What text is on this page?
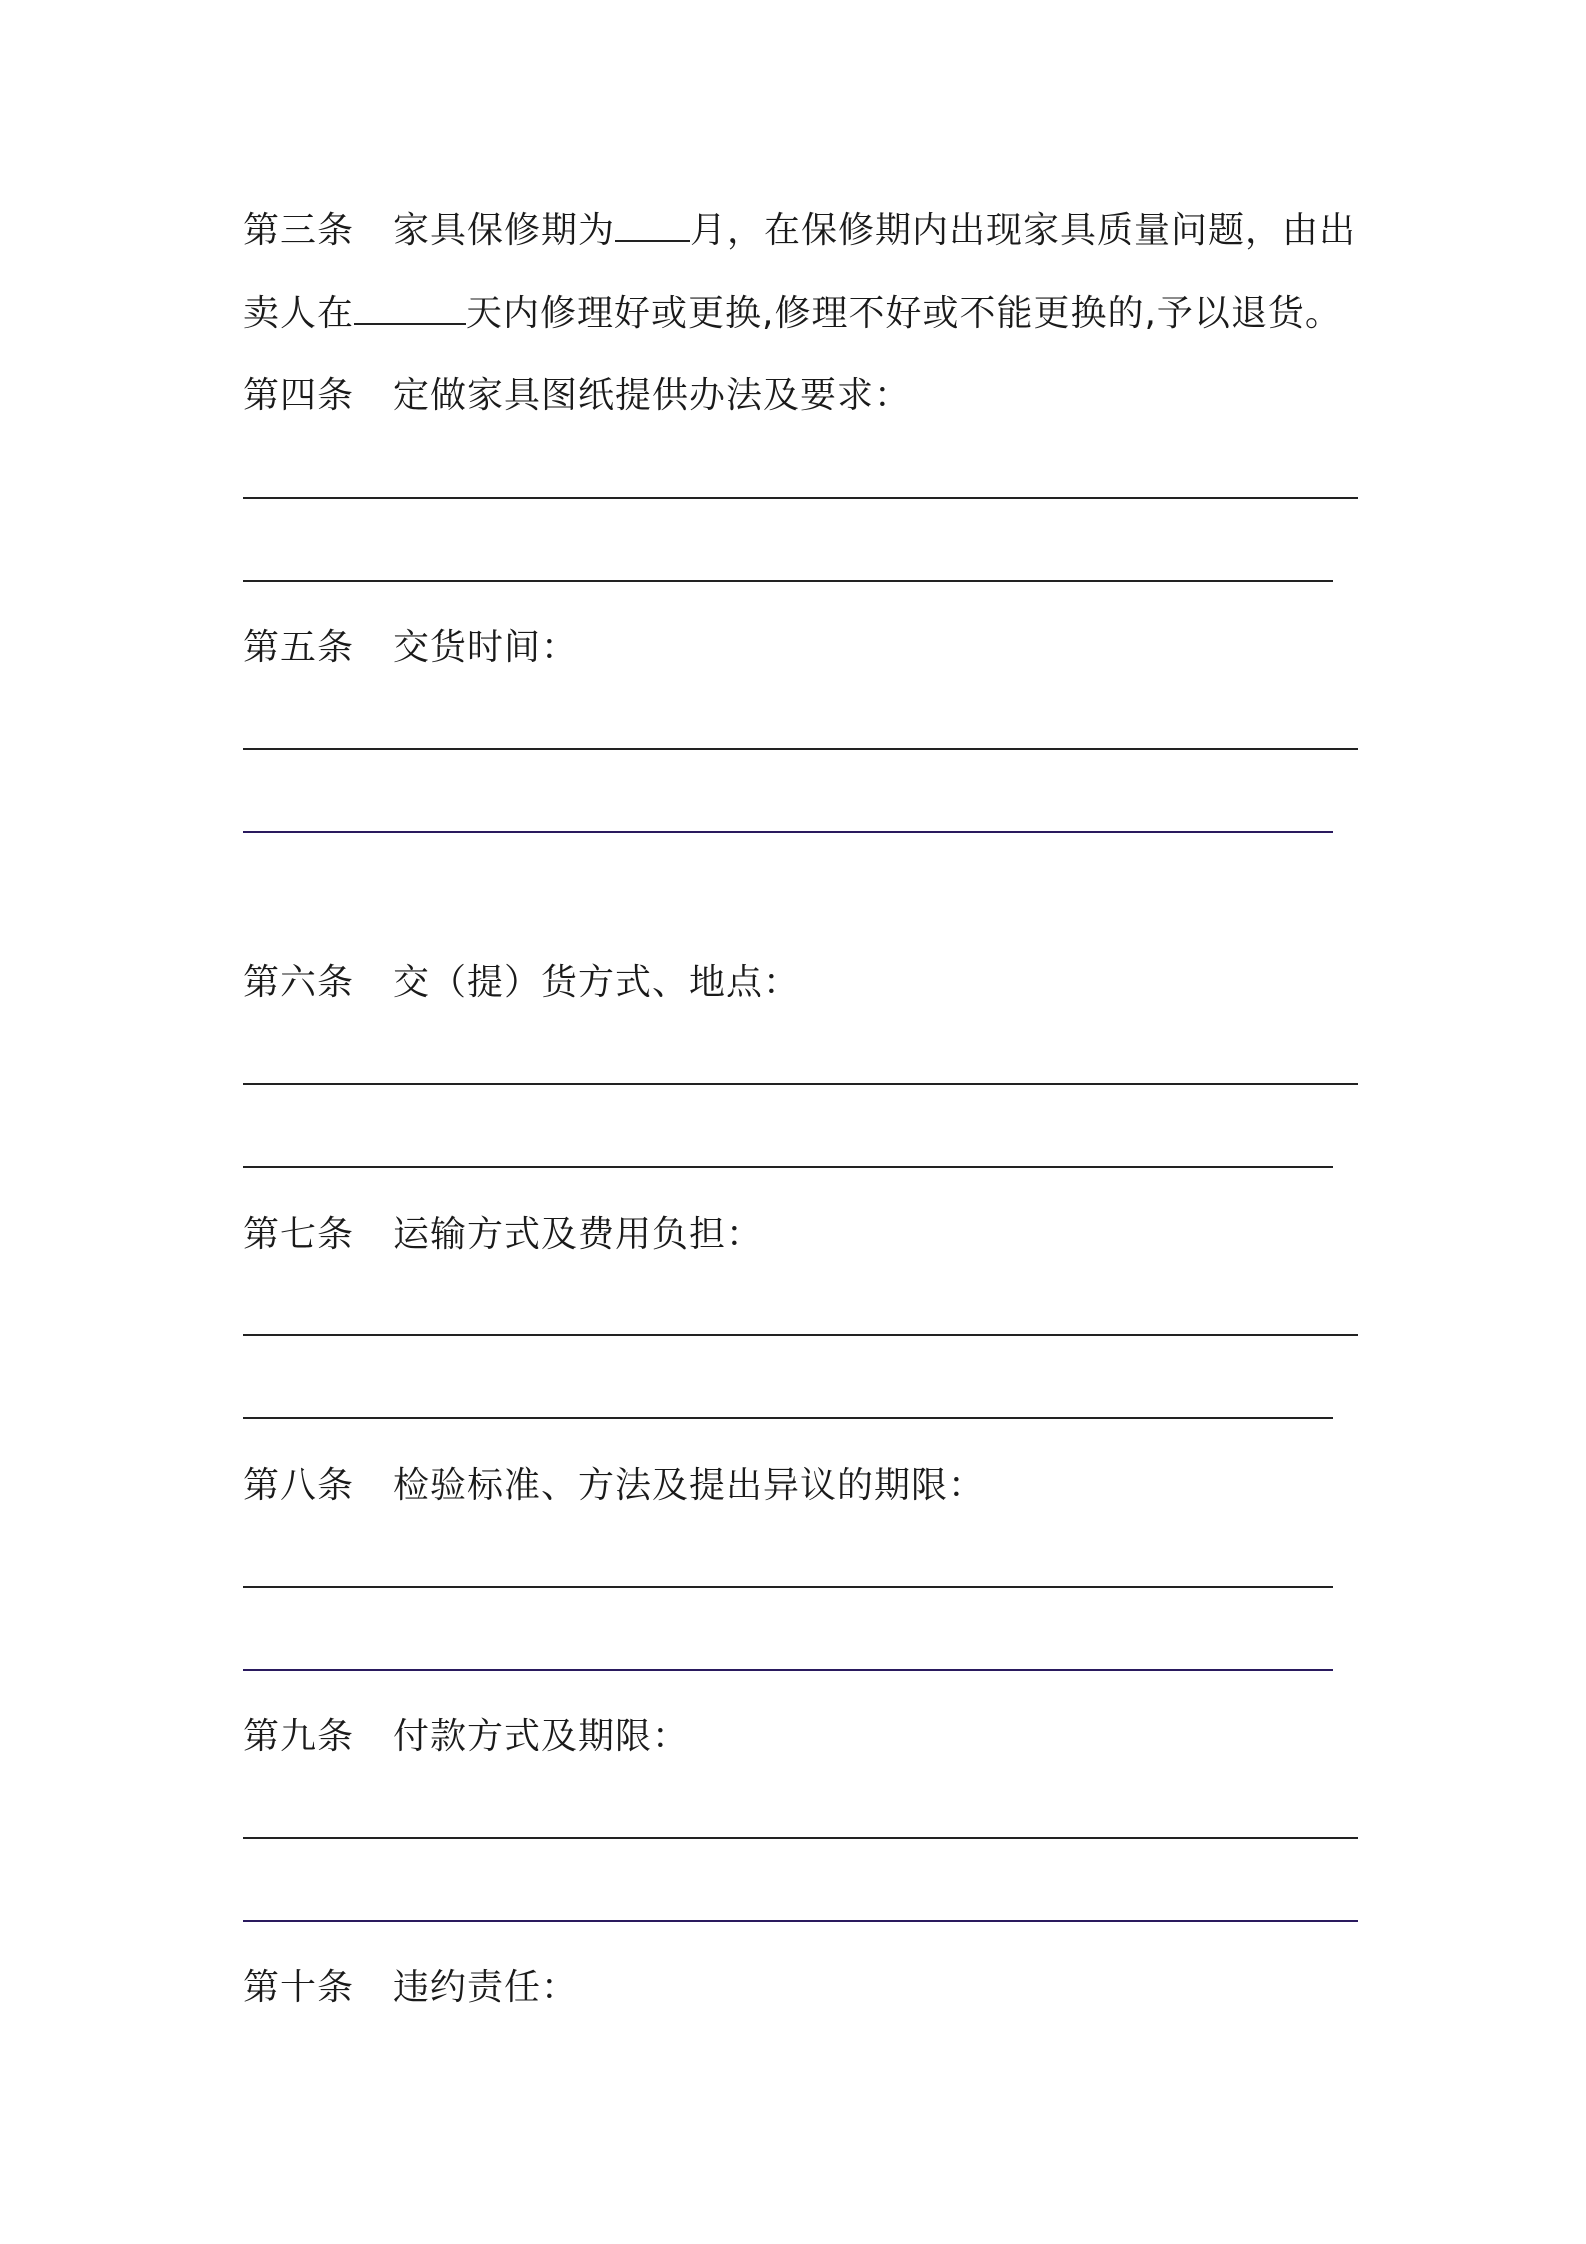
第三条 家具保修期为 月，在保修期内出现家具质量问题，由出
卖人在	天内修理好或更换,修理不好或不能更换的,予以退货。
第四条 定做家具图纸提供办法及要求：
第五条 交货时间：
第六条 交（提）货方式、地点：
第七条 运输方式及费用负担：
第八条 检验标准、方法及提出异议的期限：
第九条 付款方式及期限：
第十条 违约责任：
